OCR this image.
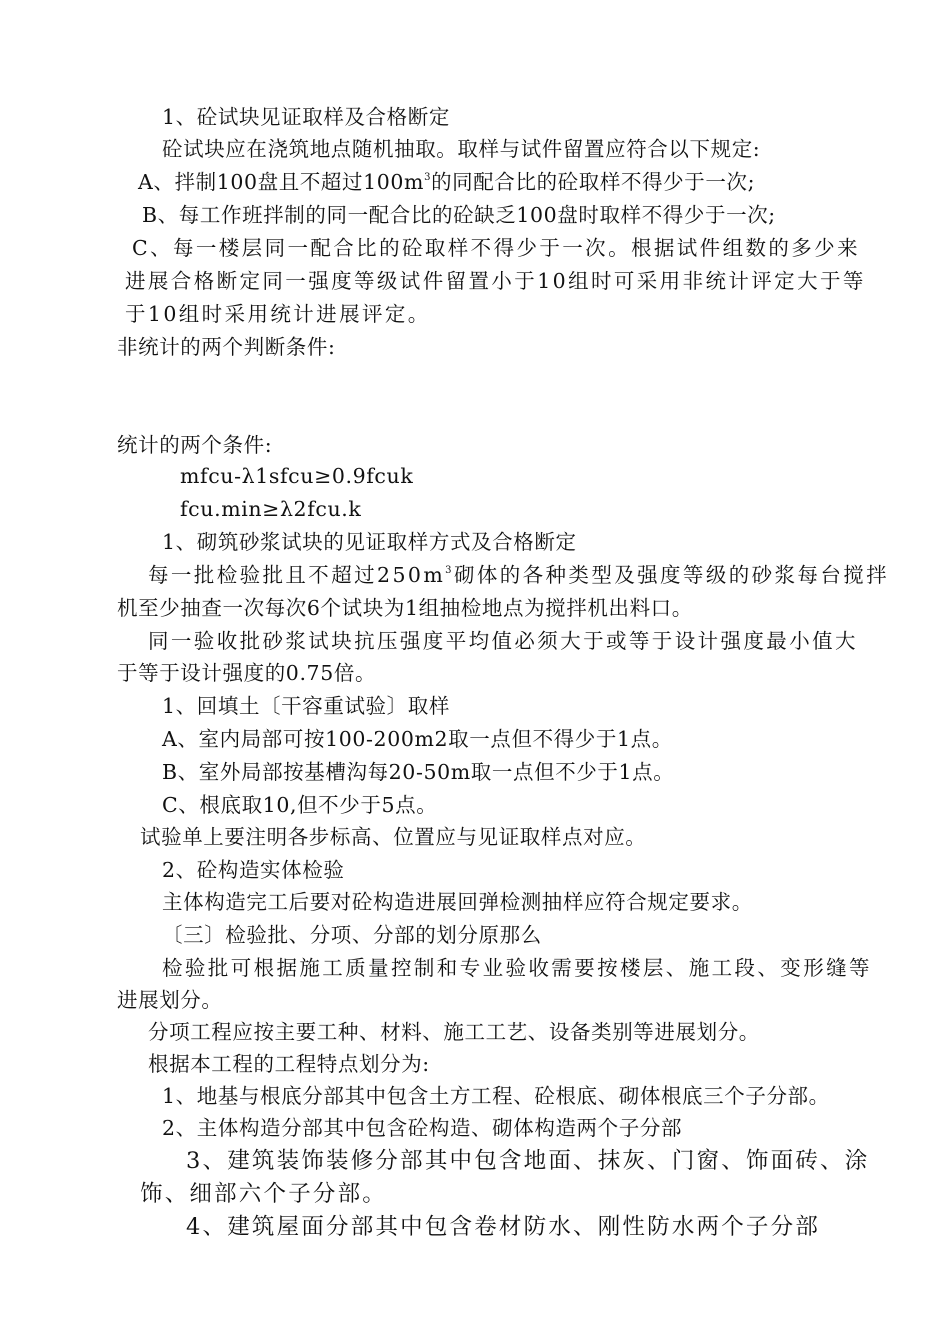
1、砼试块见证取样及合格断定
砼试块应在浇筑地点随机抽取。取样与试件留置应符合以下规定:
A、拌制100盘且不超过$100m^3$的同配合比的砼取样不得少于一次;
B、每工作班拌制的同一配合比的砼缺乏100盘时取样不得少于一次;
C、每一楼层同一配合比的砼取样不得少于一次。根据试件组数的多少来
进展合格断定同一强度等级试件留置小于10组时可采用非统计评定大于等
于10组时采用统计进展评定。
非统计的两个判断条件:
统计的两个条件:
mfcu-λ1sfcu≥0.9fcuk
fcu.min≥λ2fcu.k
1、砌筑砂浆试块的见证取样方式及合格断定
每一批检验批且不超过$250m^3$砌体的各种类型及强度等级的砂浆每台搅拌
机至少抽查一次每次6个试块为1组抽检地点为搅拌机出料口。
同一验收批砂浆试块抗压强度平均值必须大于或等于设计强度最小值大
于等于设计强度的0.75倍。
1、回填土〔干容重试验〕取样
A、室内局部可按100-200m2取一点但不得少于1点。
B、室外局部按基槽沟每20-50m取一点但不少于1点。
C、根底取10,但不少于5点。
试验单上要注明各步标高、位置应与见证取样点对应。
2、砼构造实体检验
主体构造完工后要对砼构造进展回弹检测抽样应符合规定要求。
〔三〕检验批、分项、分部的划分原那么
检验批可根据施工质量控制和专业验收需要按楼层、施工段、变形缝等
进展划分。
分项工程应按主要工种、材料、施工工艺、设备类别等进展划分。
根据本工程的工程特点划分为:
1、地基与根底分部其中包含土方工程、砼根底、砌体根底三个子分部。
2、主体构造分部其中包含砼构造、砌体构造两个子分部
3、建筑装饰装修分部其中包含地面、抹灰、门窗、饰面砖、涂
饰、细部六个子分部。
4、建筑屋面分部其中包含卷材防水、刚性防水两个子分部
